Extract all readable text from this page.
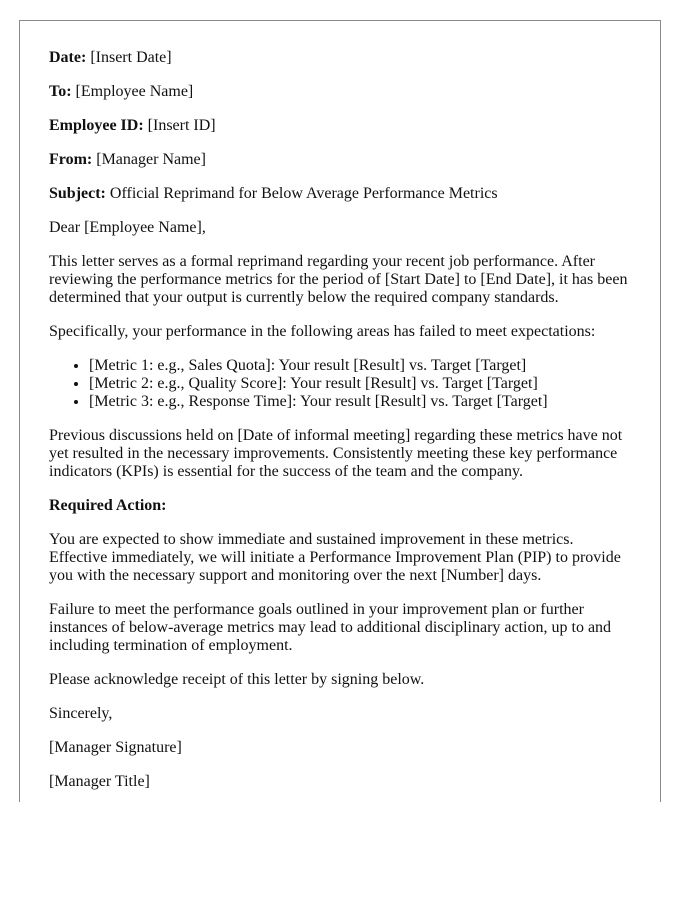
Date: [Insert Date]

To: [Employee Name]

Employee ID: [Insert ID]

From: [Manager Name]

Subject: Official Reprimand for Below Average Performance Metrics

Dear [Employee Name],

This letter serves as a formal reprimand regarding your recent job performance. After reviewing the performance metrics for the period of [Start Date] to [End Date], it has been determined that your output is currently below the required company standards.

Specifically, your performance in the following areas has failed to meet expectations:

• [Metric 1: e.g., Sales Quota]: Your result [Result] vs. Target [Target]
• [Metric 2: e.g., Quality Score]: Your result [Result] vs. Target [Target]
• [Metric 3: e.g., Response Time]: Your result [Result] vs. Target [Target]

Previous discussions held on [Date of informal meeting] regarding these metrics have not yet resulted in the necessary improvements. Consistently meeting these key performance indicators (KPIs) is essential for the success of the team and the company.

Required Action:

You are expected to show immediate and sustained improvement in these metrics. Effective immediately, we will initiate a Performance Improvement Plan (PIP) to provide you with the necessary support and monitoring over the next [Number] days.

Failure to meet the performance goals outlined in your improvement plan or further instances of below-average metrics may lead to additional disciplinary action, up to and including termination of employment.

Please acknowledge receipt of this letter by signing below.

Sincerely,

[Manager Signature]

[Manager Title]
